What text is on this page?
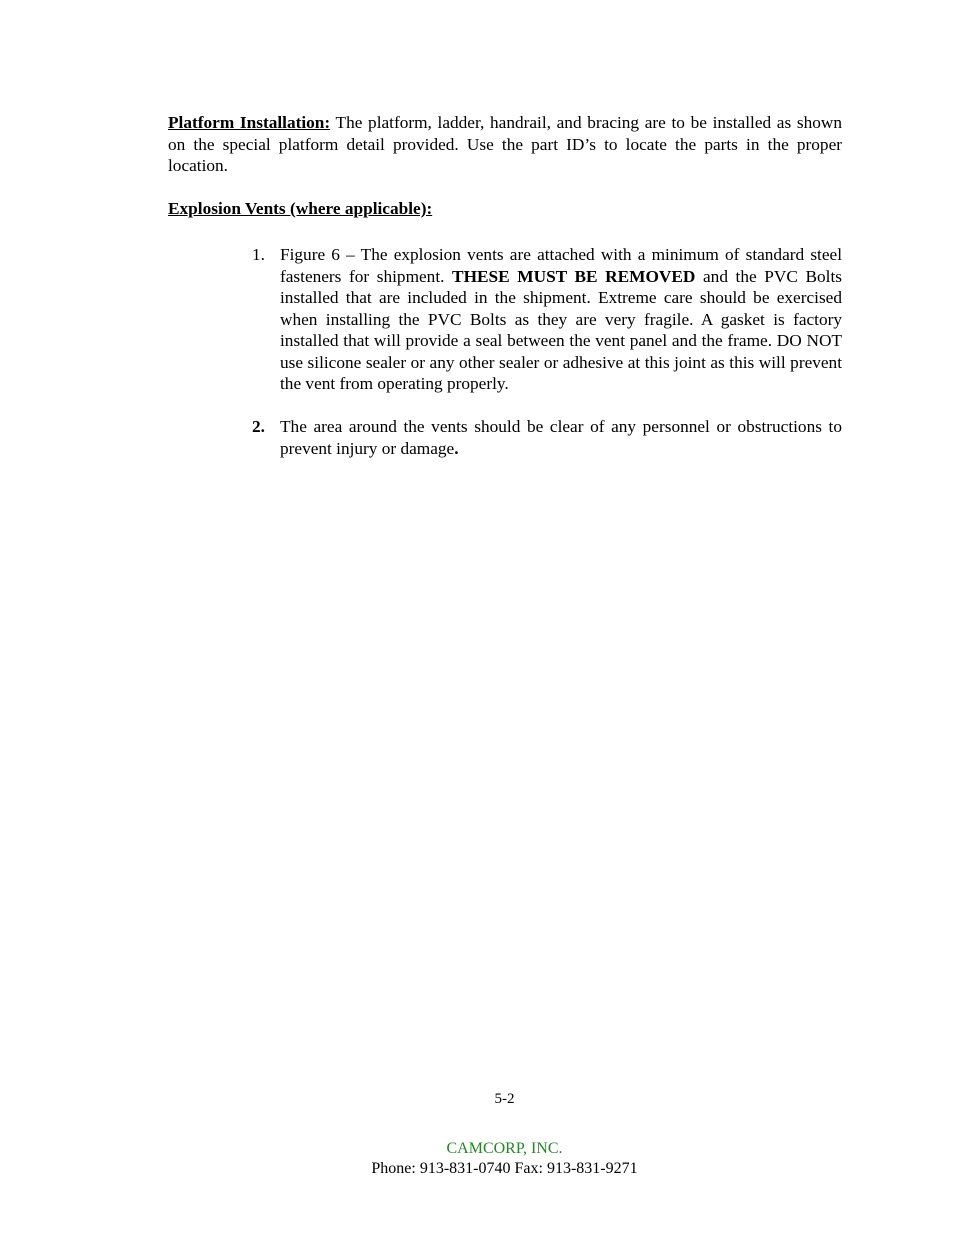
Platform Installation: The platform, ladder, handrail, and bracing are to be installed as shown on the special platform detail provided. Use the part ID’s to locate the parts in the proper location.

Explosion Vents (where applicable):

1. Figure 6 – The explosion vents are attached with a minimum of standard steel fasteners for shipment. THESE MUST BE REMOVED and the PVC Bolts installed that are included in the shipment. Extreme care should be exercised when installing the PVC Bolts as they are very fragile. A gasket is factory installed that will provide a seal between the vent panel and the frame. DO NOT use silicone sealer or any other sealer or adhesive at this joint as this will prevent the vent from operating properly.
2. The area around the vents should be clear of any personnel or obstructions to prevent injury or damage.
5-2
CAMCORP, INC.
Phone: 913-831-0740 Fax: 913-831-9271
